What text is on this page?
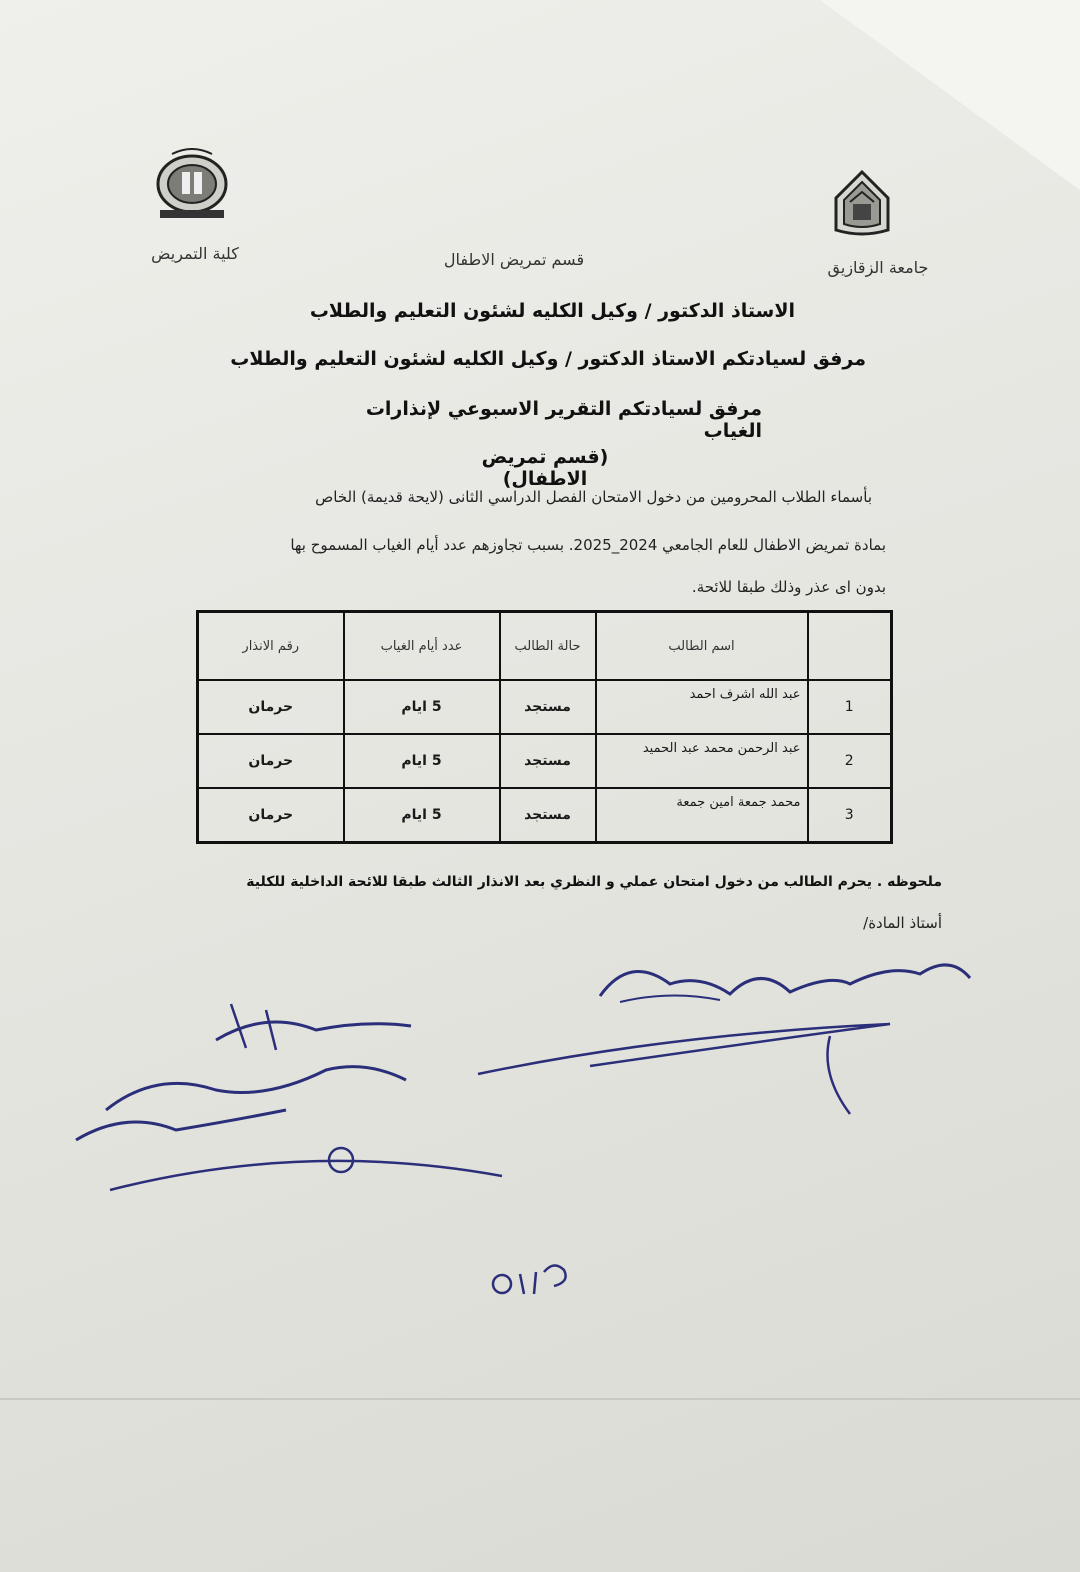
كلية التمريض	قسم تمريض الاطفال	جامعة الزقازيق
الاستاذ الدكتور / وكيل الكليه لشئون التعليم والطلاب
مرفق لسيادتكم الاستاذ الدكتور / وكيل الكليه لشئون التعليم والطلاب
مرفق لسيادتكم التقرير الاسبوعي لإنذارات الغياب
(قسم تمريض الاطفال)
بأسماء الطلاب المحرومين من دخول الامتحان الفصل الدراسي الثانى (لايحة قديمة) الخاص
بمادة تمريض الاطفال للعام الجامعي 2024_2025. بسبب تجاوزهم عدد أيام الغياب المسموح بها
بدون اى عذر وذلك طبقا للائحة.
	اسم الطالب	حالة الطالب	عدد أيام الغياب	رقم الانذار
1	عبد الله اشرف احمد	مستجد	5 ايام	حرمان
2	عبد الرحمن محمد عبد الحميد	مستجد	5 ايام	حرمان
3	محمد جمعة امين جمعة	مستجد	5 ايام	حرمان
ملحوظه . يحرم الطالب من دخول امتحان عملي و النظري بعد الانذار الثالث طبقا للائحة الداخلية للكلية
أستاذ المادة/
